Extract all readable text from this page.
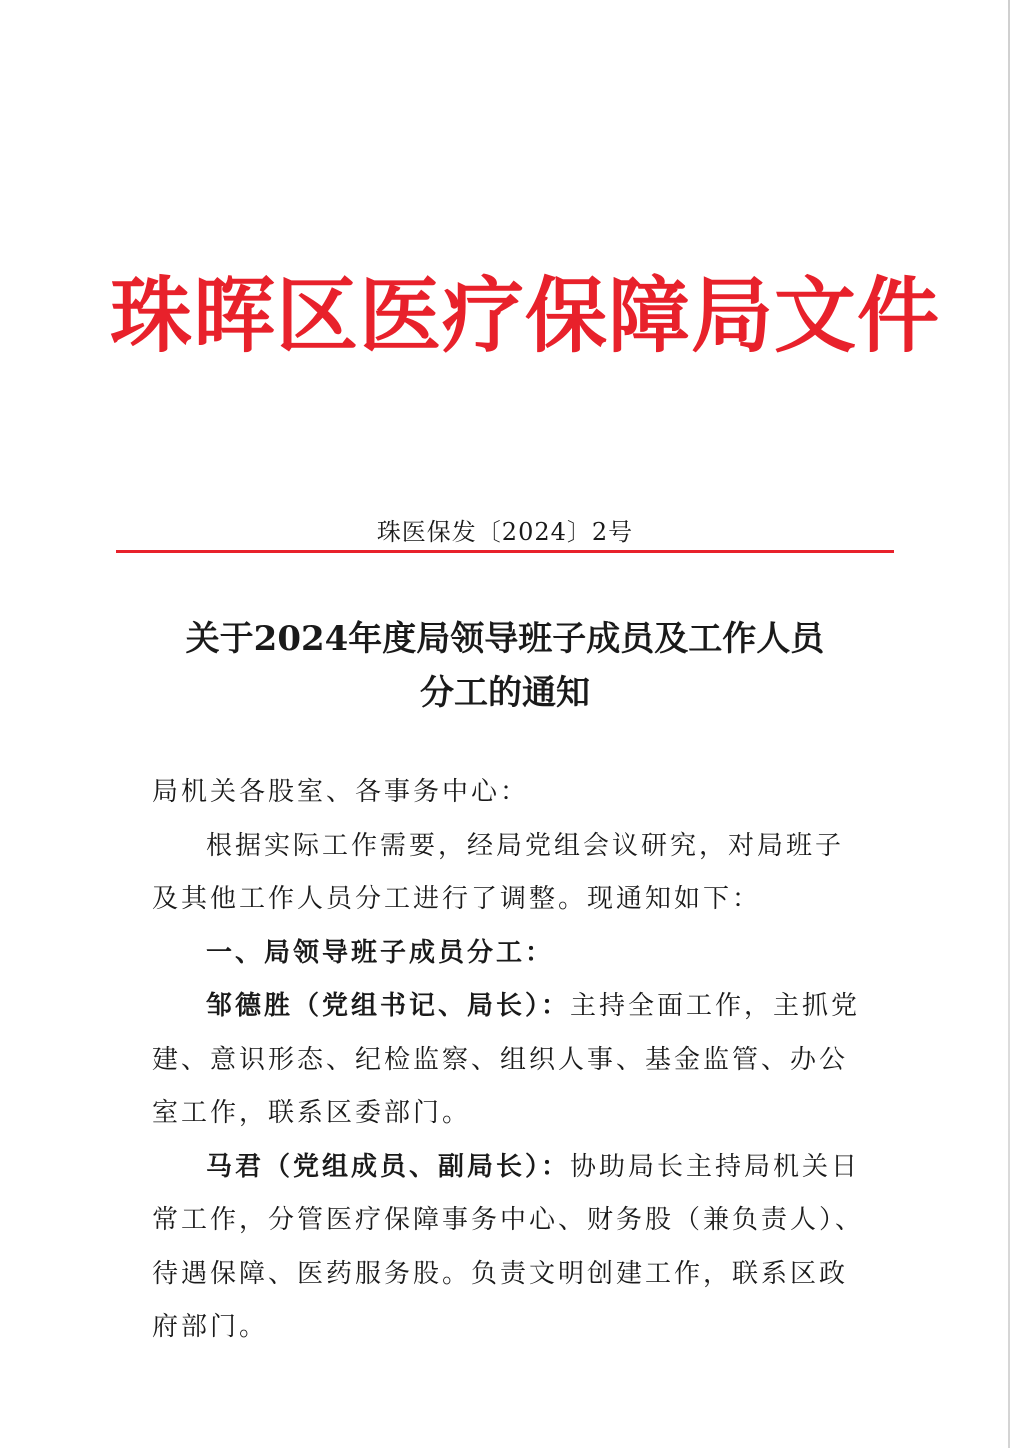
珠晖区医疗保障局文件
珠医保发〔2024〕2号
关于2024年度局领导班子成员及工作人员
分工的通知

局机关各股室、各事务中心：

根据实际工作需要，经局党组会议研究，对局班子及其他工作人员分工进行了调整。现通知如下：

一、局领导班子成员分工：

邹德胜（党组书记、局长）：主持全面工作，主抓党建、意识形态、纪检监察、组织人事、基金监管、办公室工作，联系区委部门。

马君（党组成员、副局长）：协助局长主持局机关日常工作，分管医疗保障事务中心、财务股（兼负责人）、待遇保障、医药服务股。负责文明创建工作，联系区政府部门。
